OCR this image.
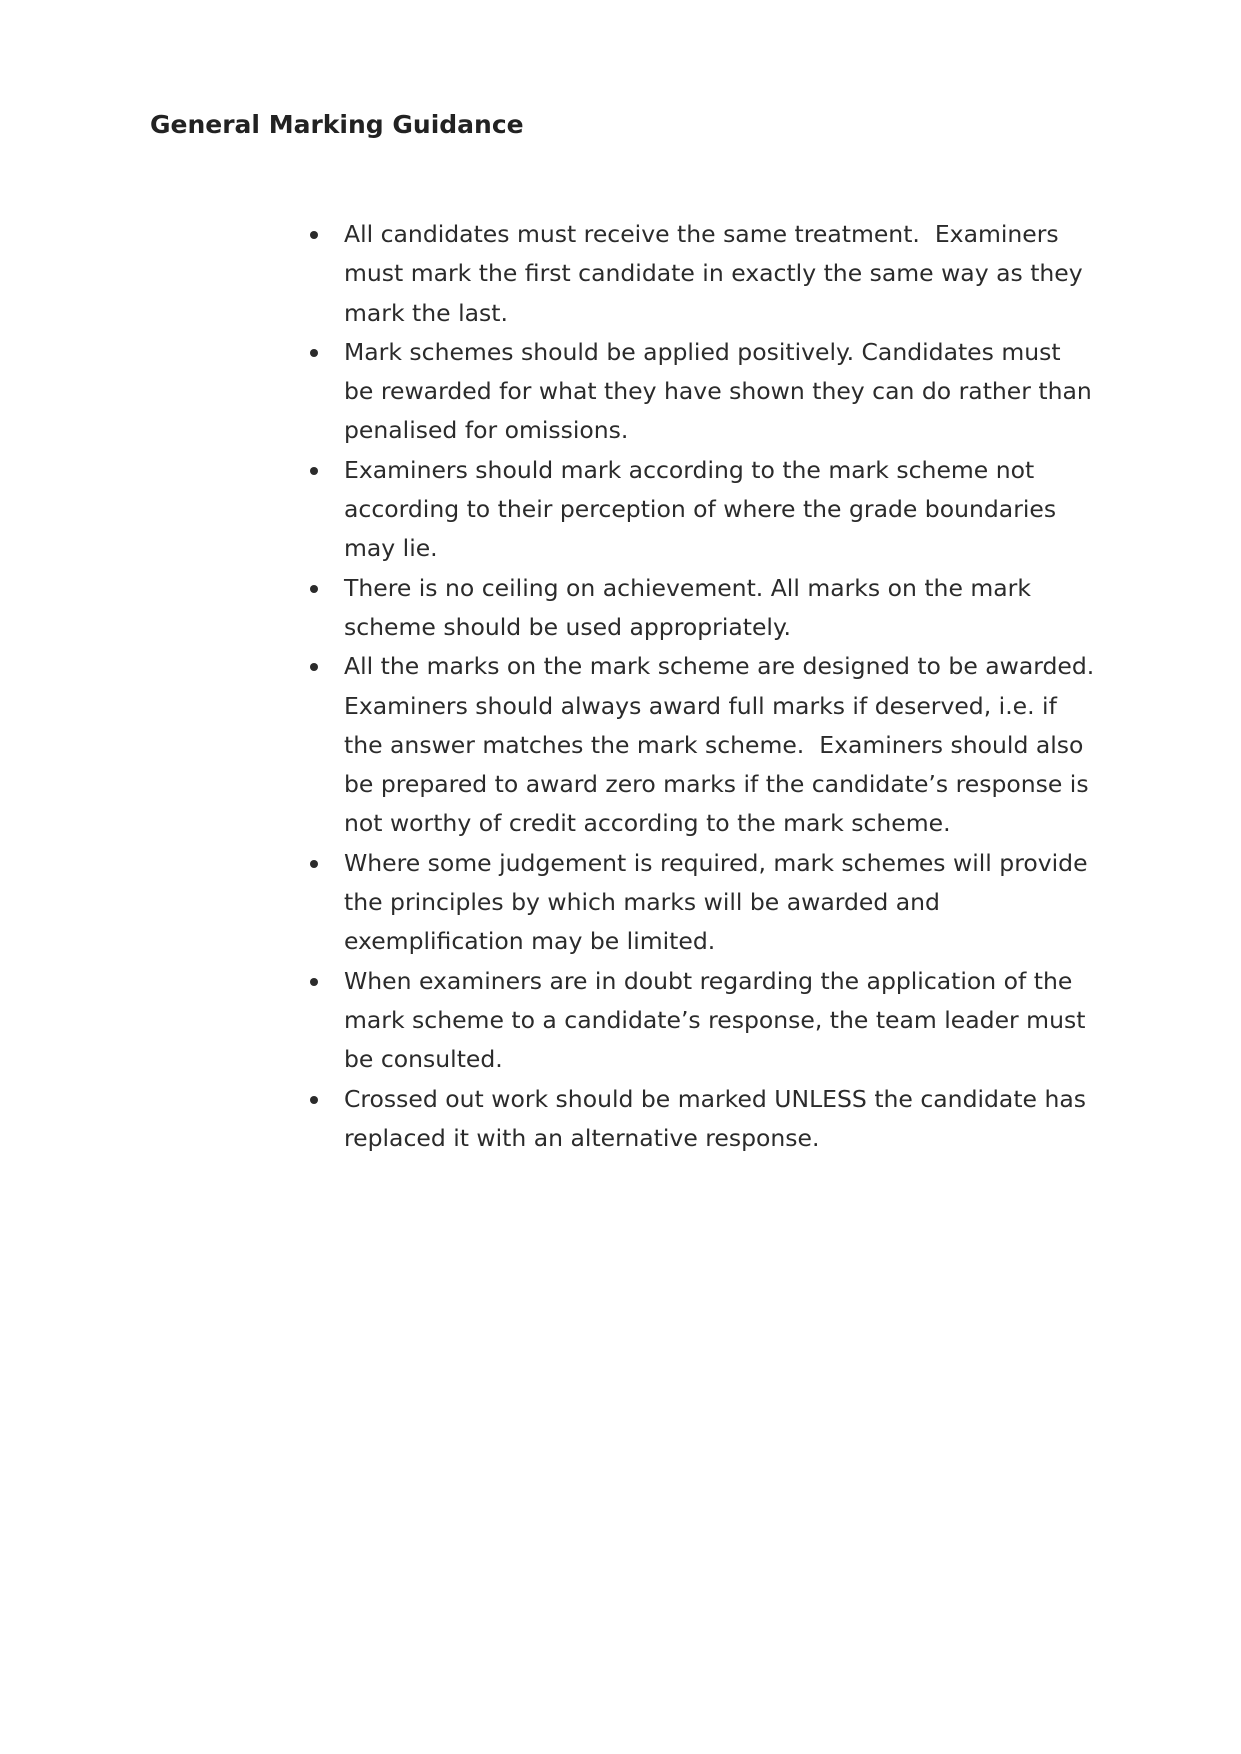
General Marking Guidance
All candidates must receive the same treatment.  Examiners
must mark the first candidate in exactly the same way as they
mark the last.
Mark schemes should be applied positively. Candidates must
be rewarded for what they have shown they can do rather than
penalised for omissions.
Examiners should mark according to the mark scheme not
according to their perception of where the grade boundaries
may lie.
There is no ceiling on achievement. All marks on the mark
scheme should be used appropriately.
All the marks on the mark scheme are designed to be awarded.
Examiners should always award full marks if deserved, i.e. if
the answer matches the mark scheme.  Examiners should also
be prepared to award zero marks if the candidate’s response is
not worthy of credit according to the mark scheme.
Where some judgement is required, mark schemes will provide
the principles by which marks will be awarded and
exemplification may be limited.
When examiners are in doubt regarding the application of the
mark scheme to a candidate’s response, the team leader must
be consulted.
Crossed out work should be marked UNLESS the candidate has
replaced it with an alternative response.
